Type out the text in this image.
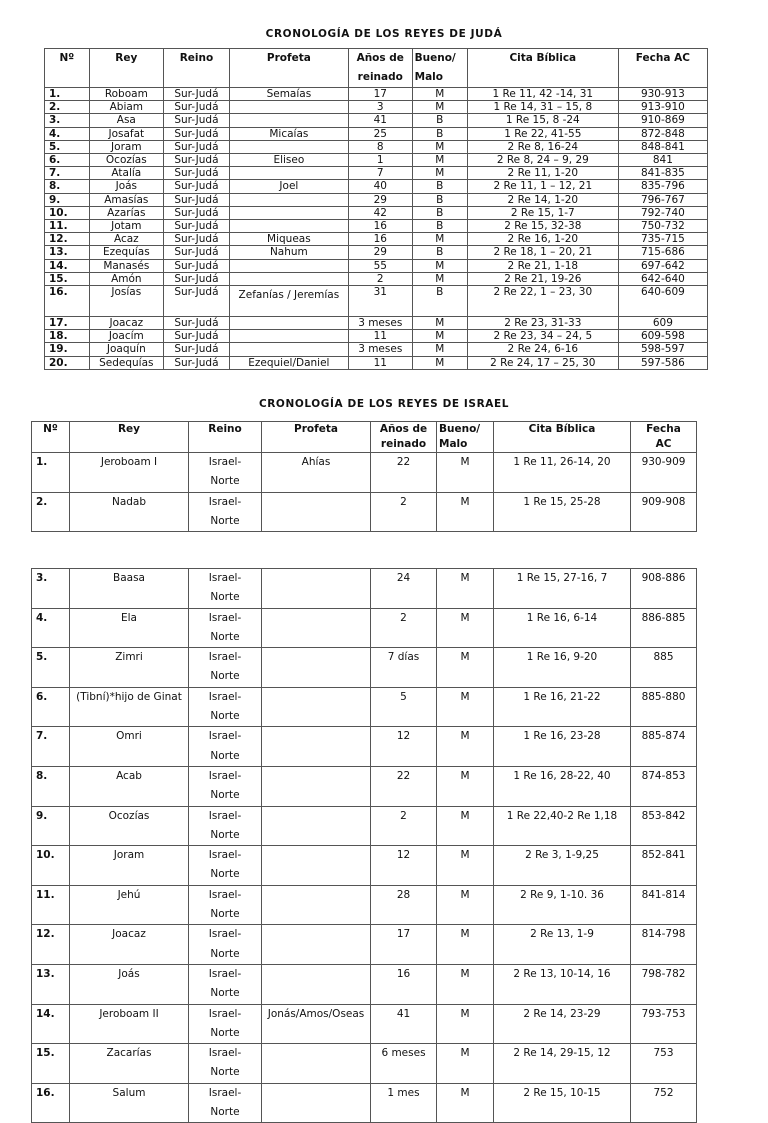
CRONOLOGÍA DE LOS REYES DE JUDÁ
Nº	Rey	Reino	Profeta	Años de
reinado	Bueno/
Malo	Cita Bíblica	Fecha AC
1.	Roboam	Sur-Judá	Semaías	17	M	1 Re 11, 42 -14, 31	930-913
2.	Abiam	Sur-Judá		3	M	1 Re 14, 31 – 15, 8	913-910
3.	Asa	Sur-Judá		41	B	1 Re 15, 8 -24	910-869
4.	Josafat	Sur-Judá	Micaías	25	B	1 Re 22, 41-55	872-848
5.	Joram	Sur-Judá		8	M	2 Re 8, 16-24	848-841
6.	Ocozías	Sur-Judá	Eliseo	1	M	2 Re 8, 24 – 9, 29	841
7.	Atalía	Sur-Judá		7	M	2 Re 11, 1-20	841-835
8.	Joás	Sur-Judá	Joel	40	B	2 Re 11, 1 – 12, 21	835-796
9.	Amasías	Sur-Judá		29	B	2 Re 14, 1-20	796-767
10.	Azarías	Sur-Judá		42	B	2 Re 15, 1-7	792-740
11.	Jotam	Sur-Judá		16	B	2 Re 15, 32-38	750-732
12.	Acaz	Sur-Judá	Miqueas	16	M	2 Re 16, 1-20	735-715
13.	Ezequías	Sur-Judá	Nahum	29	B	2 Re 18, 1 – 20, 21	715-686
14.	Manasés	Sur-Judá		55	M	2 Re 21, 1-18	697-642
15.	Amón	Sur-Judá		2	M	2 Re 21, 19-26	642-640
16.	Josías	Sur-Judá	Zefanías / Jeremías	31	B	2 Re 22, 1 – 23, 30	640-609
17.	Joacaz	Sur-Judá		3 meses	M	2 Re 23, 31-33	609
18.	Joacím	Sur-Judá		11	M	2 Re 23, 34 – 24, 5	609-598
19.	Joaquín	Sur-Judá		3 meses	M	2 Re 24, 6-16	598-597
20.	Sedequías	Sur-Judá	Ezequiel/Daniel	11	M	2 Re 24, 17 – 25, 30	597-586
CRONOLOGÍA DE LOS REYES DE ISRAEL
Nº	Rey	Reino	Profeta	Años de
reinado	Bueno/
Malo	Cita Bíblica	Fecha
AC
1.	Jeroboam I	Israel-
Norte	Ahías	22	M	1 Re 11, 26-14, 20	930-909
2.	Nadab	Israel-
Norte		2	M	1 Re 15, 25-28	909-908
3.	Baasa	Israel-
Norte		24	M	1 Re 15, 27-16, 7	908-886
4.	Ela	Israel-
Norte		2	M	1 Re 16, 6-14	886-885
5.	Zimri	Israel-
Norte		7 días	M	1 Re 16, 9-20	885
6.	(Tibní)*hijo de Ginat	Israel-
Norte		5	M	1 Re 16, 21-22	885-880
7.	Omri	Israel-
Norte		12	M	1 Re 16, 23-28	885-874
8.	Acab	Israel-
Norte		22	M	1 Re 16, 28-22, 40	874-853
9.	Ocozías	Israel-
Norte		2	M	1 Re 22,40-2 Re 1,18	853-842
10.	Joram	Israel-
Norte		12	M	2 Re 3, 1-9,25	852-841
11.	Jehú	Israel-
Norte		28	M	2 Re 9, 1-10. 36	841-814
12.	Joacaz	Israel-
Norte		17	M	2 Re 13, 1-9	814-798
13.	Joás	Israel-
Norte		16	M	2 Re 13, 10-14, 16	798-782
14.	Jeroboam II	Israel-
Norte	Jonás/Amos/Oseas	41	M	2 Re 14, 23-29	793-753
15.	Zacarías	Israel-
Norte		6 meses	M	2 Re 14, 29-15, 12	753
16.	Salum	Israel-
Norte		1 mes	M	2 Re 15, 10-15	752
